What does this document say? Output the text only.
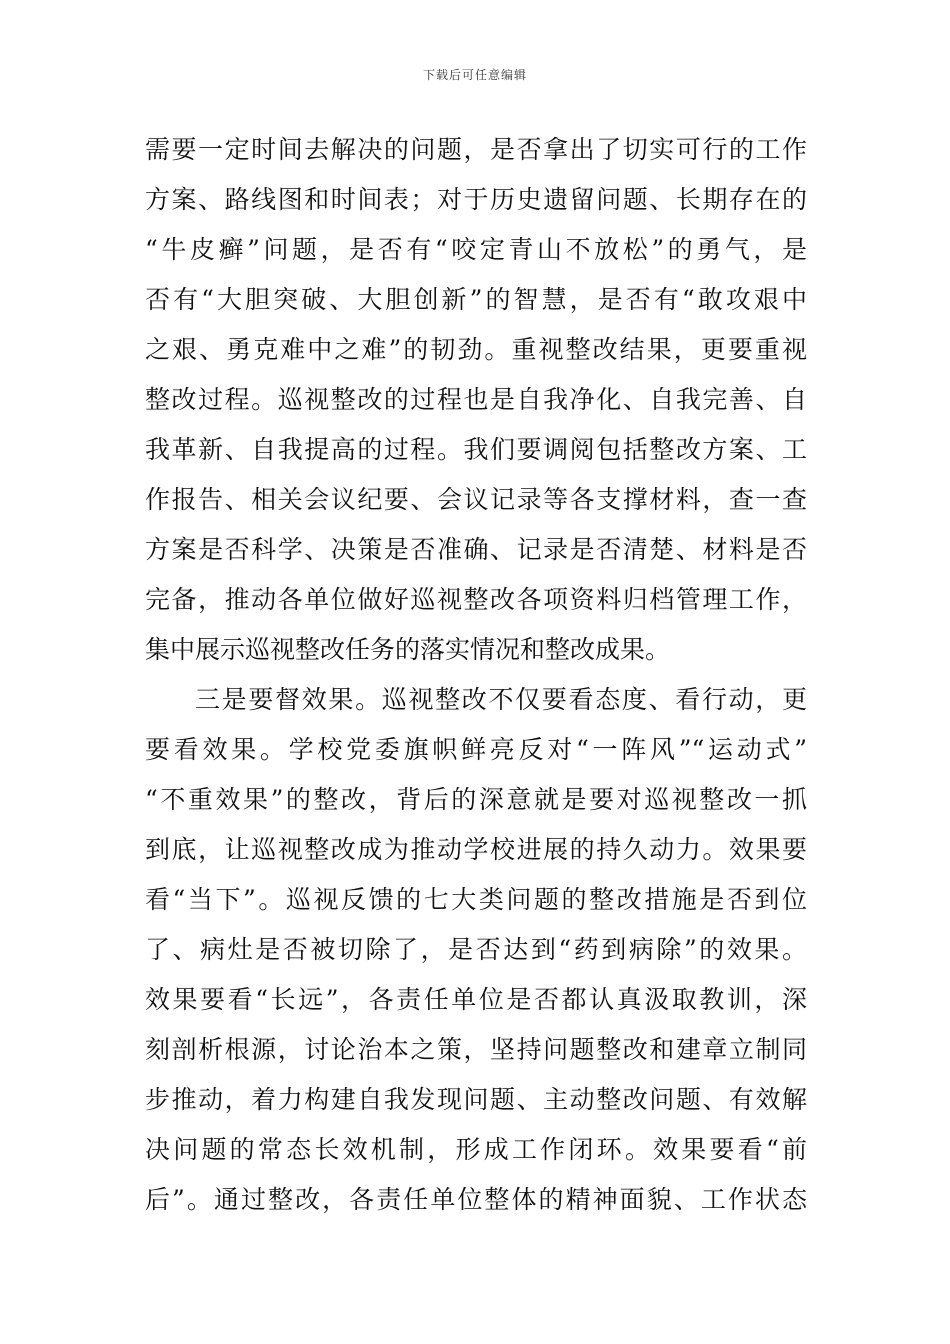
下载后可任意编辑
需要一定时间去解决的问题，是否拿出了切实可行的工作
方案、路线图和时间表；对于历史遗留问题、长期存在的
“牛皮癣”问题，是否有“咬定青山不放松”的勇气，是
否有“大胆突破、大胆创新”的智慧，是否有“敢攻艰中
之艰、勇克难中之难”的韧劲。重视整改结果，更要重视
整改过程。巡视整改的过程也是自我净化、自我完善、自
我革新、自我提高的过程。我们要调阅包括整改方案、工
作报告、相关会议纪要、会议记录等各支撑材料，查一查
方案是否科学、决策是否准确、记录是否清楚、材料是否
完备，推动各单位做好巡视整改各项资料归档管理工作，
集中展示巡视整改任务的落实情况和整改成果。
三是要督效果。巡视整改不仅要看态度、看行动，更
要看效果。学校党委旗帜鲜亮反对“一阵风”“运动式”
“不重效果”的整改，背后的深意就是要对巡视整改一抓
到底，让巡视整改成为推动学校进展的持久动力。效果要
看“当下”。巡视反馈的七大类问题的整改措施是否到位
了、病灶是否被切除了，是否达到“药到病除”的效果。
效果要看“长远”，各责任单位是否都认真汲取教训，深
刻剖析根源，讨论治本之策，坚持问题整改和建章立制同
步推动，着力构建自我发现问题、主动整改问题、有效解
决问题的常态长效机制，形成工作闭环。效果要看“前
后”。通过整改，各责任单位整体的精神面貌、工作状态
